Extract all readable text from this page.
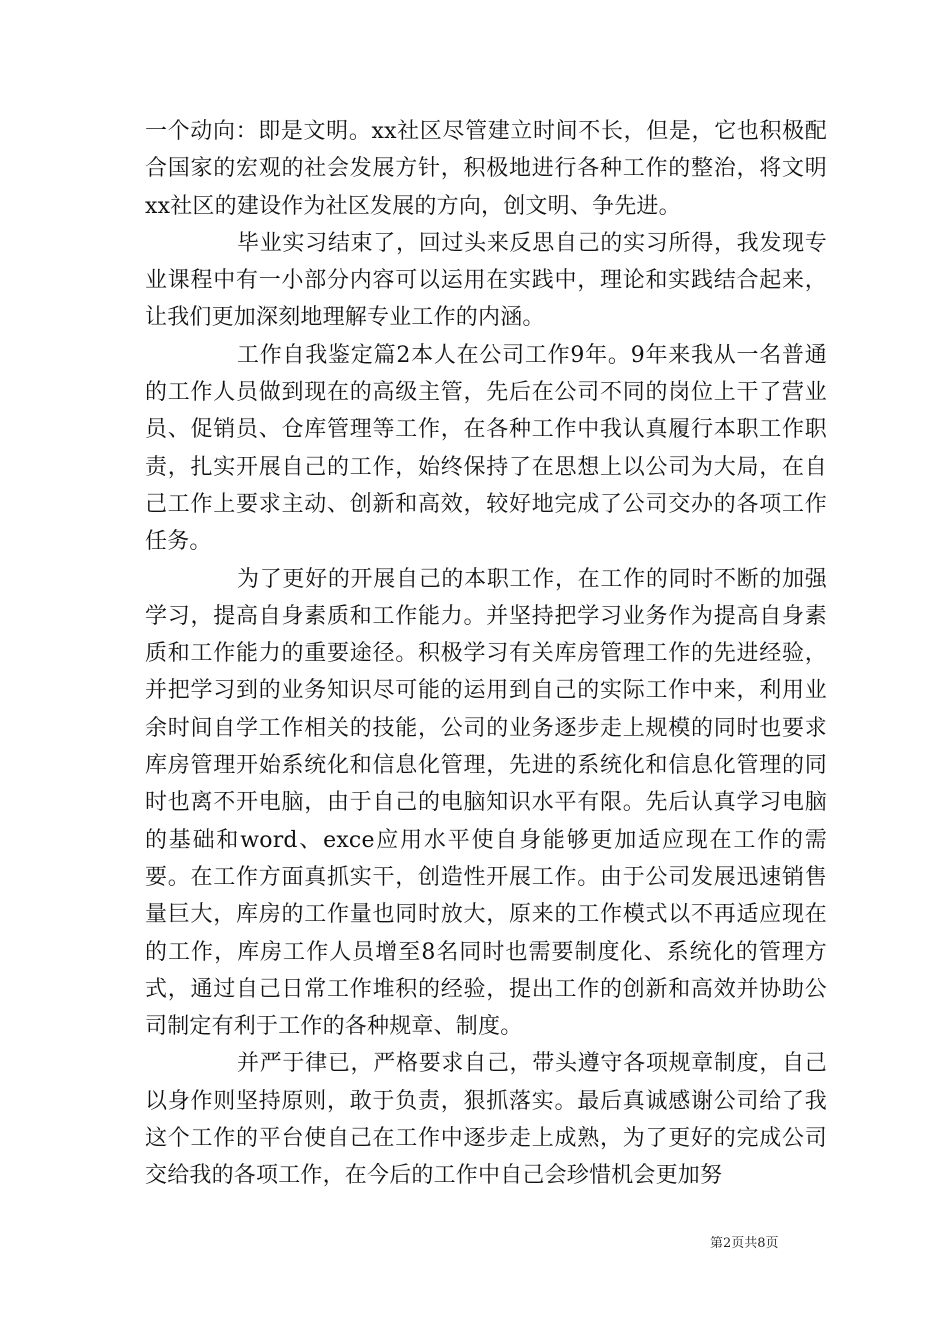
一个动向：即是文明。xx社区尽管建立时间不长，但是，它也积极配合国家的宏观的社会发展方针，积极地进行各种工作的整治，将文明xx社区的建设作为社区发展的方向，创文明、争先进。

毕业实习结束了，回过头来反思自己的实习所得，我发现专业课程中有一小部分内容可以运用在实践中，理论和实践结合起来，让我们更加深刻地理解专业工作的内涵。

工作自我鉴定篇2本人在公司工作9年。9年来我从一名普通的工作人员做到现在的高级主管，先后在公司不同的岗位上干了营业员、促销员、仓库管理等工作，在各种工作中我认真履行本职工作职责，扎实开展自己的工作，始终保持了在思想上以公司为大局，在自己工作上要求主动、创新和高效，较好地完成了公司交办的各项工作任务。

为了更好的开展自己的本职工作，在工作的同时不断的加强学习，提高自身素质和工作能力。并坚持把学习业务作为提高自身素质和工作能力的重要途径。积极学习有关库房管理工作的先进经验，并把学习到的业务知识尽可能的运用到自己的实际工作中来，利用业余时间自学工作相关的技能，公司的业务逐步走上规模的同时也要求库房管理开始系统化和信息化管理，先进的系统化和信息化管理的同时也离不开电脑，由于自己的电脑知识水平有限。先后认真学习电脑的基础和word、exce应用水平使自身能够更加适应现在工作的需要。在工作方面真抓实干，创造性开展工作。由于公司发展迅速销售量巨大，库房的工作量也同时放大，原来的工作模式以不再适应现在的工作，库房工作人员增至8名同时也需要制度化、系统化的管理方式，通过自己日常工作堆积的经验，提出工作的创新和高效并协助公司制定有利于工作的各种规章、制度。

并严于律已，严格要求自己，带头遵守各项规章制度，自己以身作则坚持原则，敢于负责，狠抓落实。最后真诚感谢公司给了我这个工作的平台使自己在工作中逐步走上成熟，为了更好的完成公司交给我的各项工作，在今后的工作中自己会珍惜机会更加努

第2页共8页
